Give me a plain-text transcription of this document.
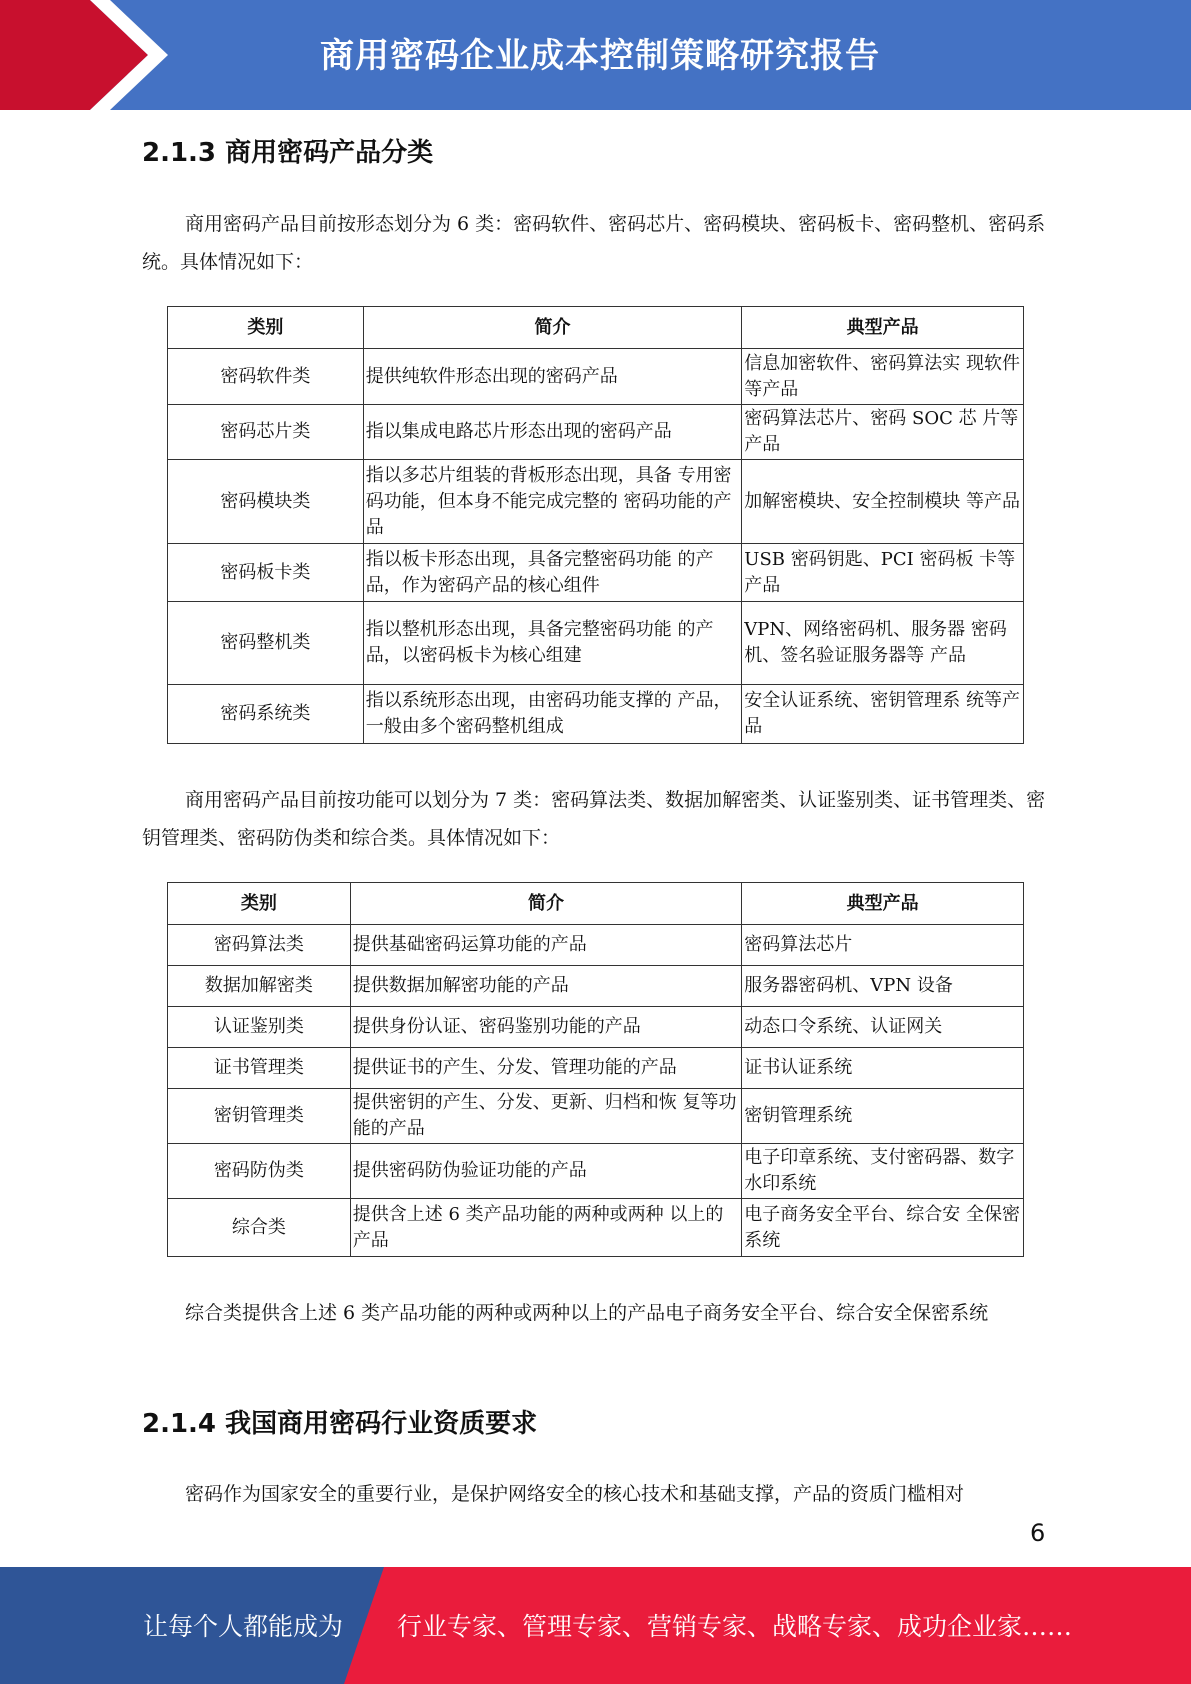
商用密码企业成本控制策略研究报告
2.1.3 商用密码产品分类
商用密码产品目前按形态划分为 6 类：密码软件、密码芯片、密码模块、密码板卡、密码整机、密码系统。具体情况如下：
类别	简介	典型产品
密码软件类	提供纯软件形态出现的密码产品	信息加密软件、密码算法实 现软件等产品
密码芯片类	指以集成电路芯片形态出现的密码产品	密码算法芯片、密码 SOC 芯 片等产品
密码模块类	指以多芯片组装的背板形态出现，具备 专用密码功能，但本身不能完成完整的 密码功能的产品	加解密模块、安全控制模块 等产品
密码板卡类	指以板卡形态出现，具备完整密码功能 的产品，作为密码产品的核心组件	USB 密码钥匙、PCI 密码板 卡等产品
密码整机类	指以整机形态出现，具备完整密码功能 的产品，以密码板卡为核心组建	VPN、网络密码机、服务器 密码机、签名验证服务器等 产品
密码系统类	指以系统形态出现，由密码功能支撑的 产品，一般由多个密码整机组成	安全认证系统、密钥管理系 统等产品
商用密码产品目前按功能可以划分为 7 类：密码算法类、数据加解密类、认证鉴别类、证书管理类、密钥管理类、密码防伪类和综合类。具体情况如下：
类别	简介	典型产品
密码算法类	提供基础密码运算功能的产品	密码算法芯片
数据加解密类	提供数据加解密功能的产品	服务器密码机、VPN 设备
认证鉴别类	提供身份认证、密码鉴别功能的产品	动态口令系统、认证网关
证书管理类	提供证书的产生、分发、管理功能的产品	证书认证系统
密钥管理类	提供密钥的产生、分发、更新、归档和恢 复等功能的产品	密钥管理系统
密码防伪类	提供密码防伪验证功能的产品	电子印章系统、支付密码器、数字水印系统
综合类	提供含上述 6 类产品功能的两种或两种 以上的产品	电子商务安全平台、综合安 全保密系统
综合类提供含上述 6 类产品功能的两种或两种以上的产品电子商务安全平台、综合安全保密系统
2.1.4 我国商用密码行业资质要求
密码作为国家安全的重要行业，是保护网络安全的核心技术和基础支撑，产品的资质门槛相对
6
让每个人都能成为 行业专家、管理专家、营销专家、战略专家、成功企业家……
